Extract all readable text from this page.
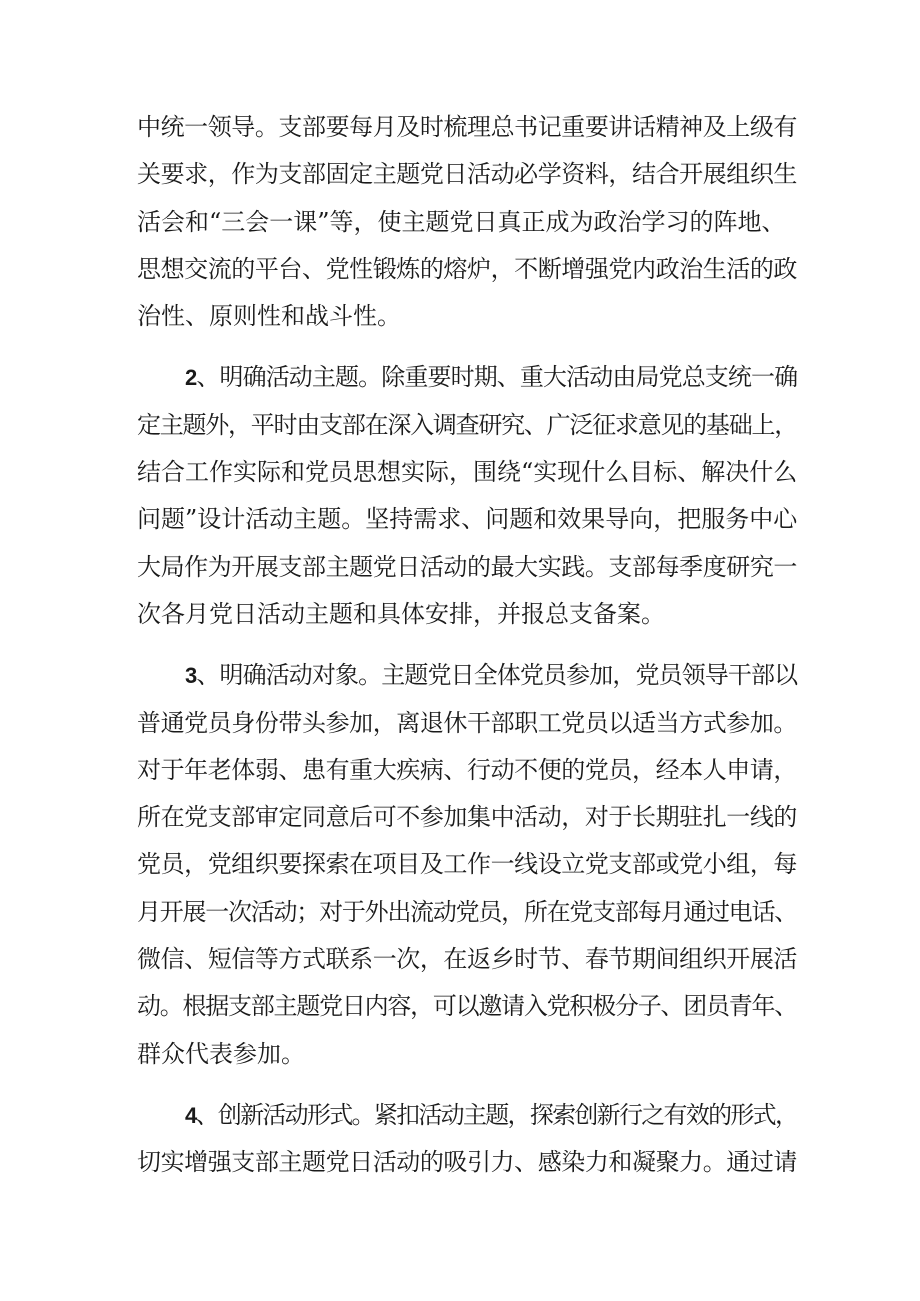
中统一领导。支部要每月及时梳理总书记重要讲话精神及上级有
关要求，作为支部固定主题党日活动必学资料，结合开展组织生
活会和“三会一课”等，使主题党日真正成为政治学习的阵地、
思想交流的平台、党性锻炼的熔炉，不断增强党内政治生活的政
治性、原则性和战斗性。
2、明确活动主题。除重要时期、重大活动由局党总支统一确
定主题外，平时由支部在深入调查研究、广泛征求意见的基础上，
结合工作实际和党员思想实际，围绕“实现什么目标、解决什么
问题”设计活动主题。坚持需求、问题和效果导向，把服务中心
大局作为开展支部主题党日活动的最大实践。支部每季度研究一
次各月党日活动主题和具体安排，并报总支备案。
3、明确活动对象。主题党日全体党员参加，党员领导干部以
普通党员身份带头参加，离退休干部职工党员以适当方式参加。
对于年老体弱、患有重大疾病、行动不便的党员，经本人申请，
所在党支部审定同意后可不参加集中活动，对于长期驻扎一线的
党员，党组织要探索在项目及工作一线设立党支部或党小组，每
月开展一次活动；对于外出流动党员，所在党支部每月通过电话、
微信、短信等方式联系一次，在返乡时节、春节期间组织开展活
动。根据支部主题党日内容，可以邀请入党积极分子、团员青年、
群众代表参加。
4、创新活动形式。紧扣活动主题，探索创新行之有效的形式，
切实增强支部主题党日活动的吸引力、感染力和凝聚力。通过请
